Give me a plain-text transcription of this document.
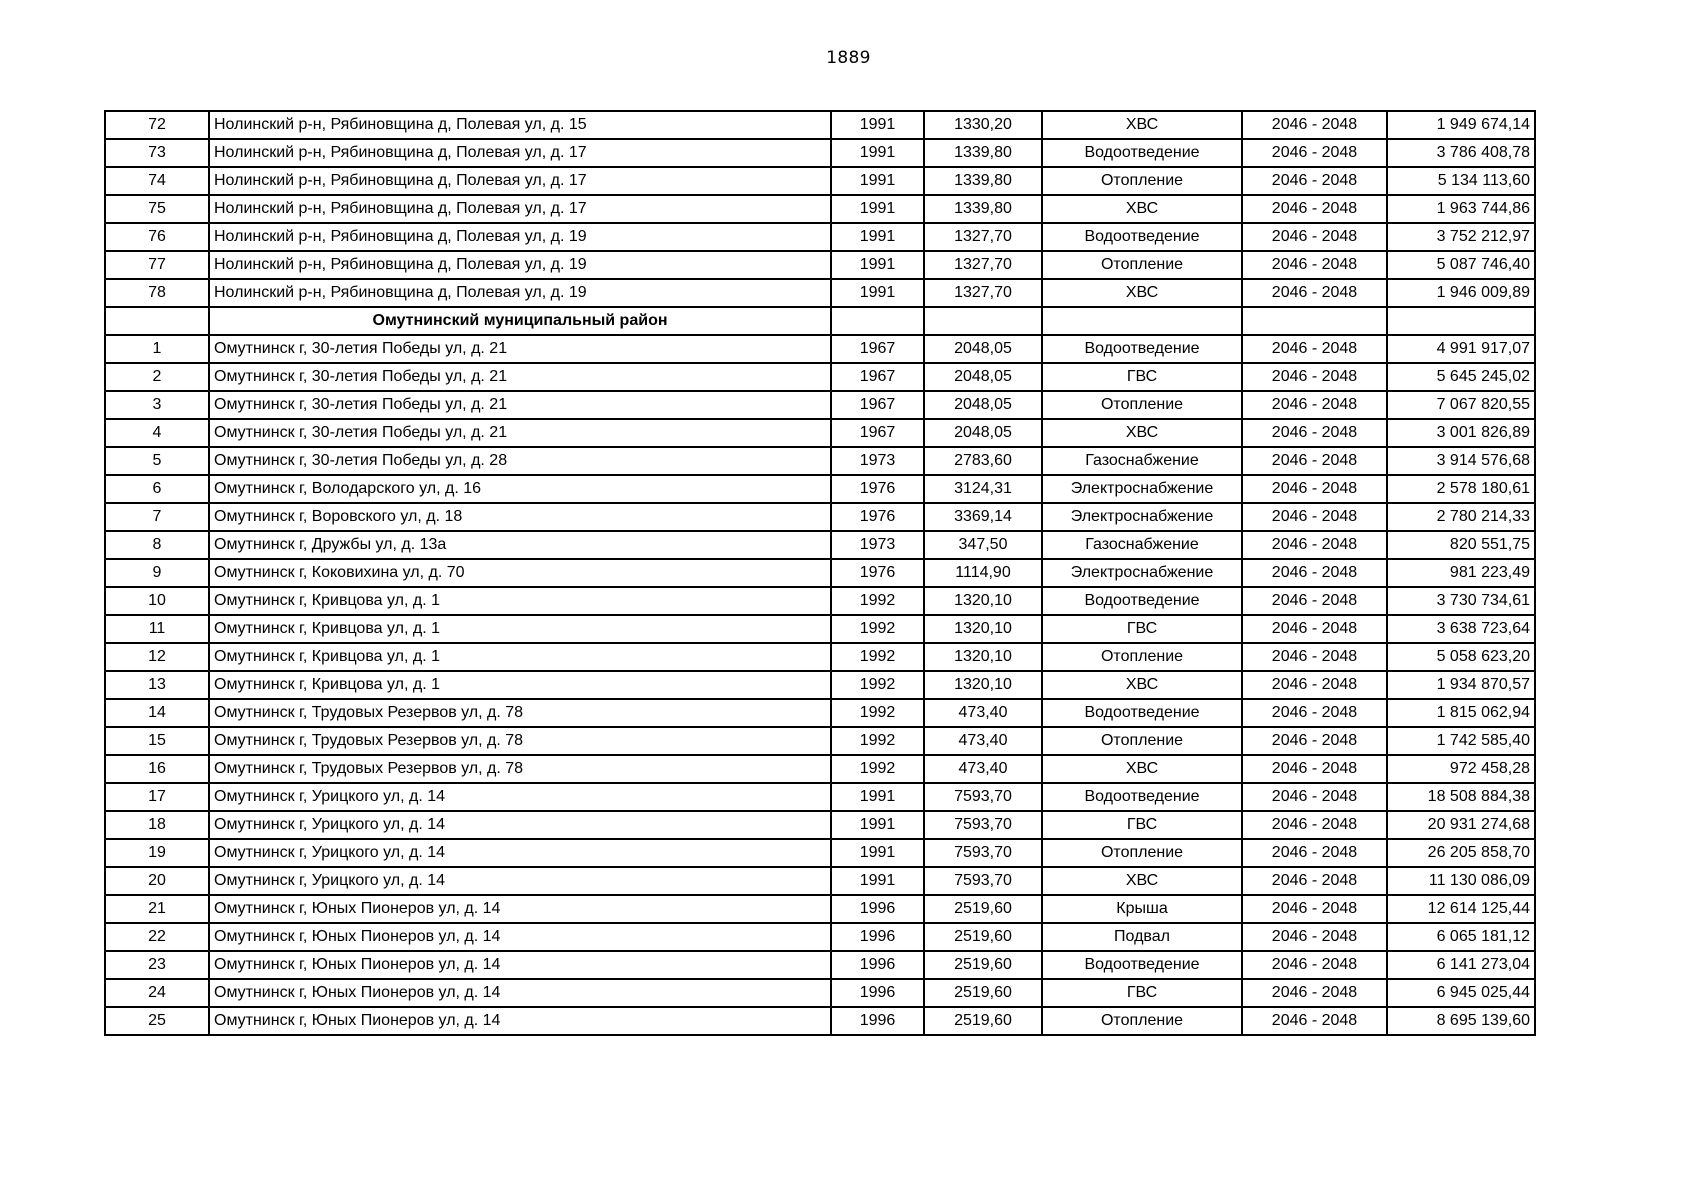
1889
72	Нолинский р-н, Рябиновщина д, Полевая ул, д. 15	1991	1330,20	ХВС	2046 - 2048	1 949 674,14
73	Нолинский р-н, Рябиновщина д, Полевая ул, д. 17	1991	1339,80	Водоотведение	2046 - 2048	3 786 408,78
74	Нолинский р-н, Рябиновщина д, Полевая ул, д. 17	1991	1339,80	Отопление	2046 - 2048	5 134 113,60
75	Нолинский р-н, Рябиновщина д, Полевая ул, д. 17	1991	1339,80	ХВС	2046 - 2048	1 963 744,86
76	Нолинский р-н, Рябиновщина д, Полевая ул, д. 19	1991	1327,70	Водоотведение	2046 - 2048	3 752 212,97
77	Нолинский р-н, Рябиновщина д, Полевая ул, д. 19	1991	1327,70	Отопление	2046 - 2048	5 087 746,40
78	Нолинский р-н, Рябиновщина д, Полевая ул, д. 19	1991	1327,70	ХВС	2046 - 2048	1 946 009,89
	Омутнинский муниципальный район					
1	Омутнинск г, 30-летия Победы ул, д. 21	1967	2048,05	Водоотведение	2046 - 2048	4 991 917,07
2	Омутнинск г, 30-летия Победы ул, д. 21	1967	2048,05	ГВС	2046 - 2048	5 645 245,02
3	Омутнинск г, 30-летия Победы ул, д. 21	1967	2048,05	Отопление	2046 - 2048	7 067 820,55
4	Омутнинск г, 30-летия Победы ул, д. 21	1967	2048,05	ХВС	2046 - 2048	3 001 826,89
5	Омутнинск г, 30-летия Победы ул, д. 28	1973	2783,60	Газоснабжение	2046 - 2048	3 914 576,68
6	Омутнинск г, Володарского ул, д. 16	1976	3124,31	Электроснабжение	2046 - 2048	2 578 180,61
7	Омутнинск г, Воровского ул, д. 18	1976	3369,14	Электроснабжение	2046 - 2048	2 780 214,33
8	Омутнинск г, Дружбы ул, д. 13а	1973	347,50	Газоснабжение	2046 - 2048	820 551,75
9	Омутнинск г, Коковихина ул, д. 70	1976	1114,90	Электроснабжение	2046 - 2048	981 223,49
10	Омутнинск г, Кривцова ул, д. 1	1992	1320,10	Водоотведение	2046 - 2048	3 730 734,61
11	Омутнинск г, Кривцова ул, д. 1	1992	1320,10	ГВС	2046 - 2048	3 638 723,64
12	Омутнинск г, Кривцова ул, д. 1	1992	1320,10	Отопление	2046 - 2048	5 058 623,20
13	Омутнинск г, Кривцова ул, д. 1	1992	1320,10	ХВС	2046 - 2048	1 934 870,57
14	Омутнинск г, Трудовых Резервов ул, д. 78	1992	473,40	Водоотведение	2046 - 2048	1 815 062,94
15	Омутнинск г, Трудовых Резервов ул, д. 78	1992	473,40	Отопление	2046 - 2048	1 742 585,40
16	Омутнинск г, Трудовых Резервов ул, д. 78	1992	473,40	ХВС	2046 - 2048	972 458,28
17	Омутнинск г, Урицкого ул, д. 14	1991	7593,70	Водоотведение	2046 - 2048	18 508 884,38
18	Омутнинск г, Урицкого ул, д. 14	1991	7593,70	ГВС	2046 - 2048	20 931 274,68
19	Омутнинск г, Урицкого ул, д. 14	1991	7593,70	Отопление	2046 - 2048	26 205 858,70
20	Омутнинск г, Урицкого ул, д. 14	1991	7593,70	ХВС	2046 - 2048	11 130 086,09
21	Омутнинск г, Юных Пионеров ул, д. 14	1996	2519,60	Крыша	2046 - 2048	12 614 125,44
22	Омутнинск г, Юных Пионеров ул, д. 14	1996	2519,60	Подвал	2046 - 2048	6 065 181,12
23	Омутнинск г, Юных Пионеров ул, д. 14	1996	2519,60	Водоотведение	2046 - 2048	6 141 273,04
24	Омутнинск г, Юных Пионеров ул, д. 14	1996	2519,60	ГВС	2046 - 2048	6 945 025,44
25	Омутнинск г, Юных Пионеров ул, д. 14	1996	2519,60	Отопление	2046 - 2048	8 695 139,60
